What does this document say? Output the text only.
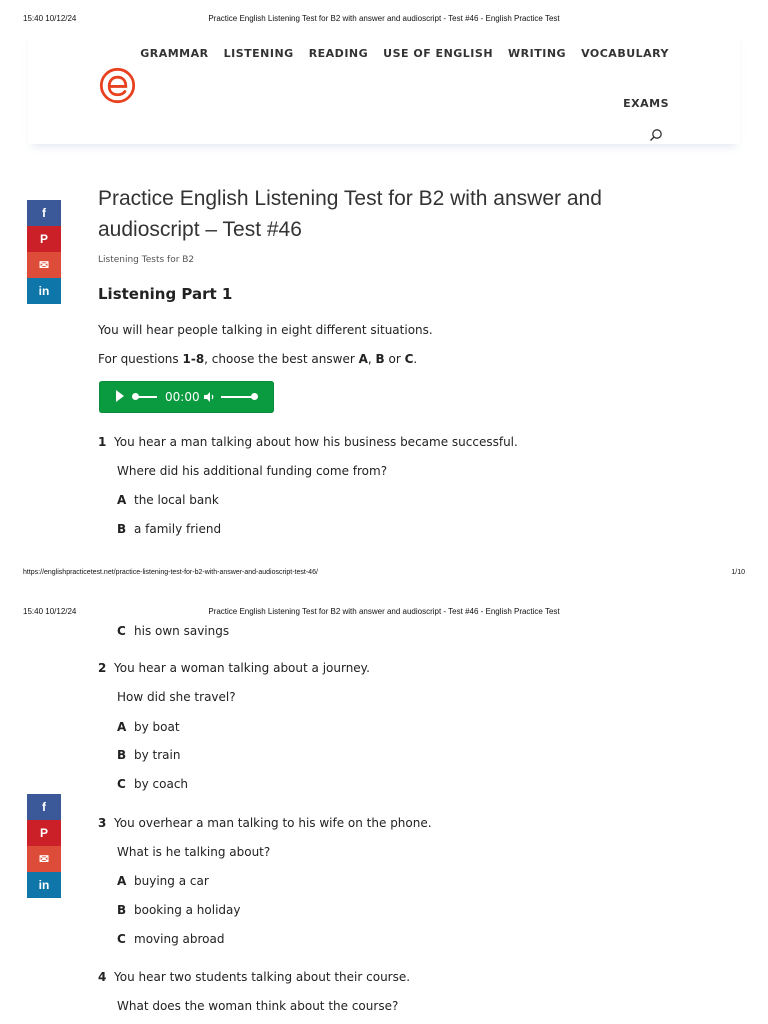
15:40 10/12/24	Practice English Listening Test for B2 with answer and audioscript - Test #46 - English Practice Test
GRAMMAR LISTENING READING USE OF ENGLISH WRITING VOCABULARY
EXAMS
f
P
✉
in
Practice English Listening Test for B2 with answer and audioscript – Test #46
Listening Tests for B2
Listening Part 1
You will hear people talking in eight different situations.
For questions 1-8, choose the best answer A, B or C.
00:00
1 You hear a man talking about how his business became successful.
Where did his additional funding come from?
A the local bank
B a family friend
https://englishpracticetest.net/practice-listening-test-for-b2-with-answer-and-audioscript-test-46/	1/10
15:40 10/12/24	Practice English Listening Test for B2 with answer and audioscript - Test #46 - English Practice Test
C his own savings
2 You hear a woman talking about a journey.
How did she travel?
A by boat
B by train
C by coach
f
P
✉
in
3 You overhear a man talking to his wife on the phone.
What is he talking about?
A buying a car
B booking a holiday
C moving abroad
4 You hear two students talking about their course.
What does the woman think about the course?
